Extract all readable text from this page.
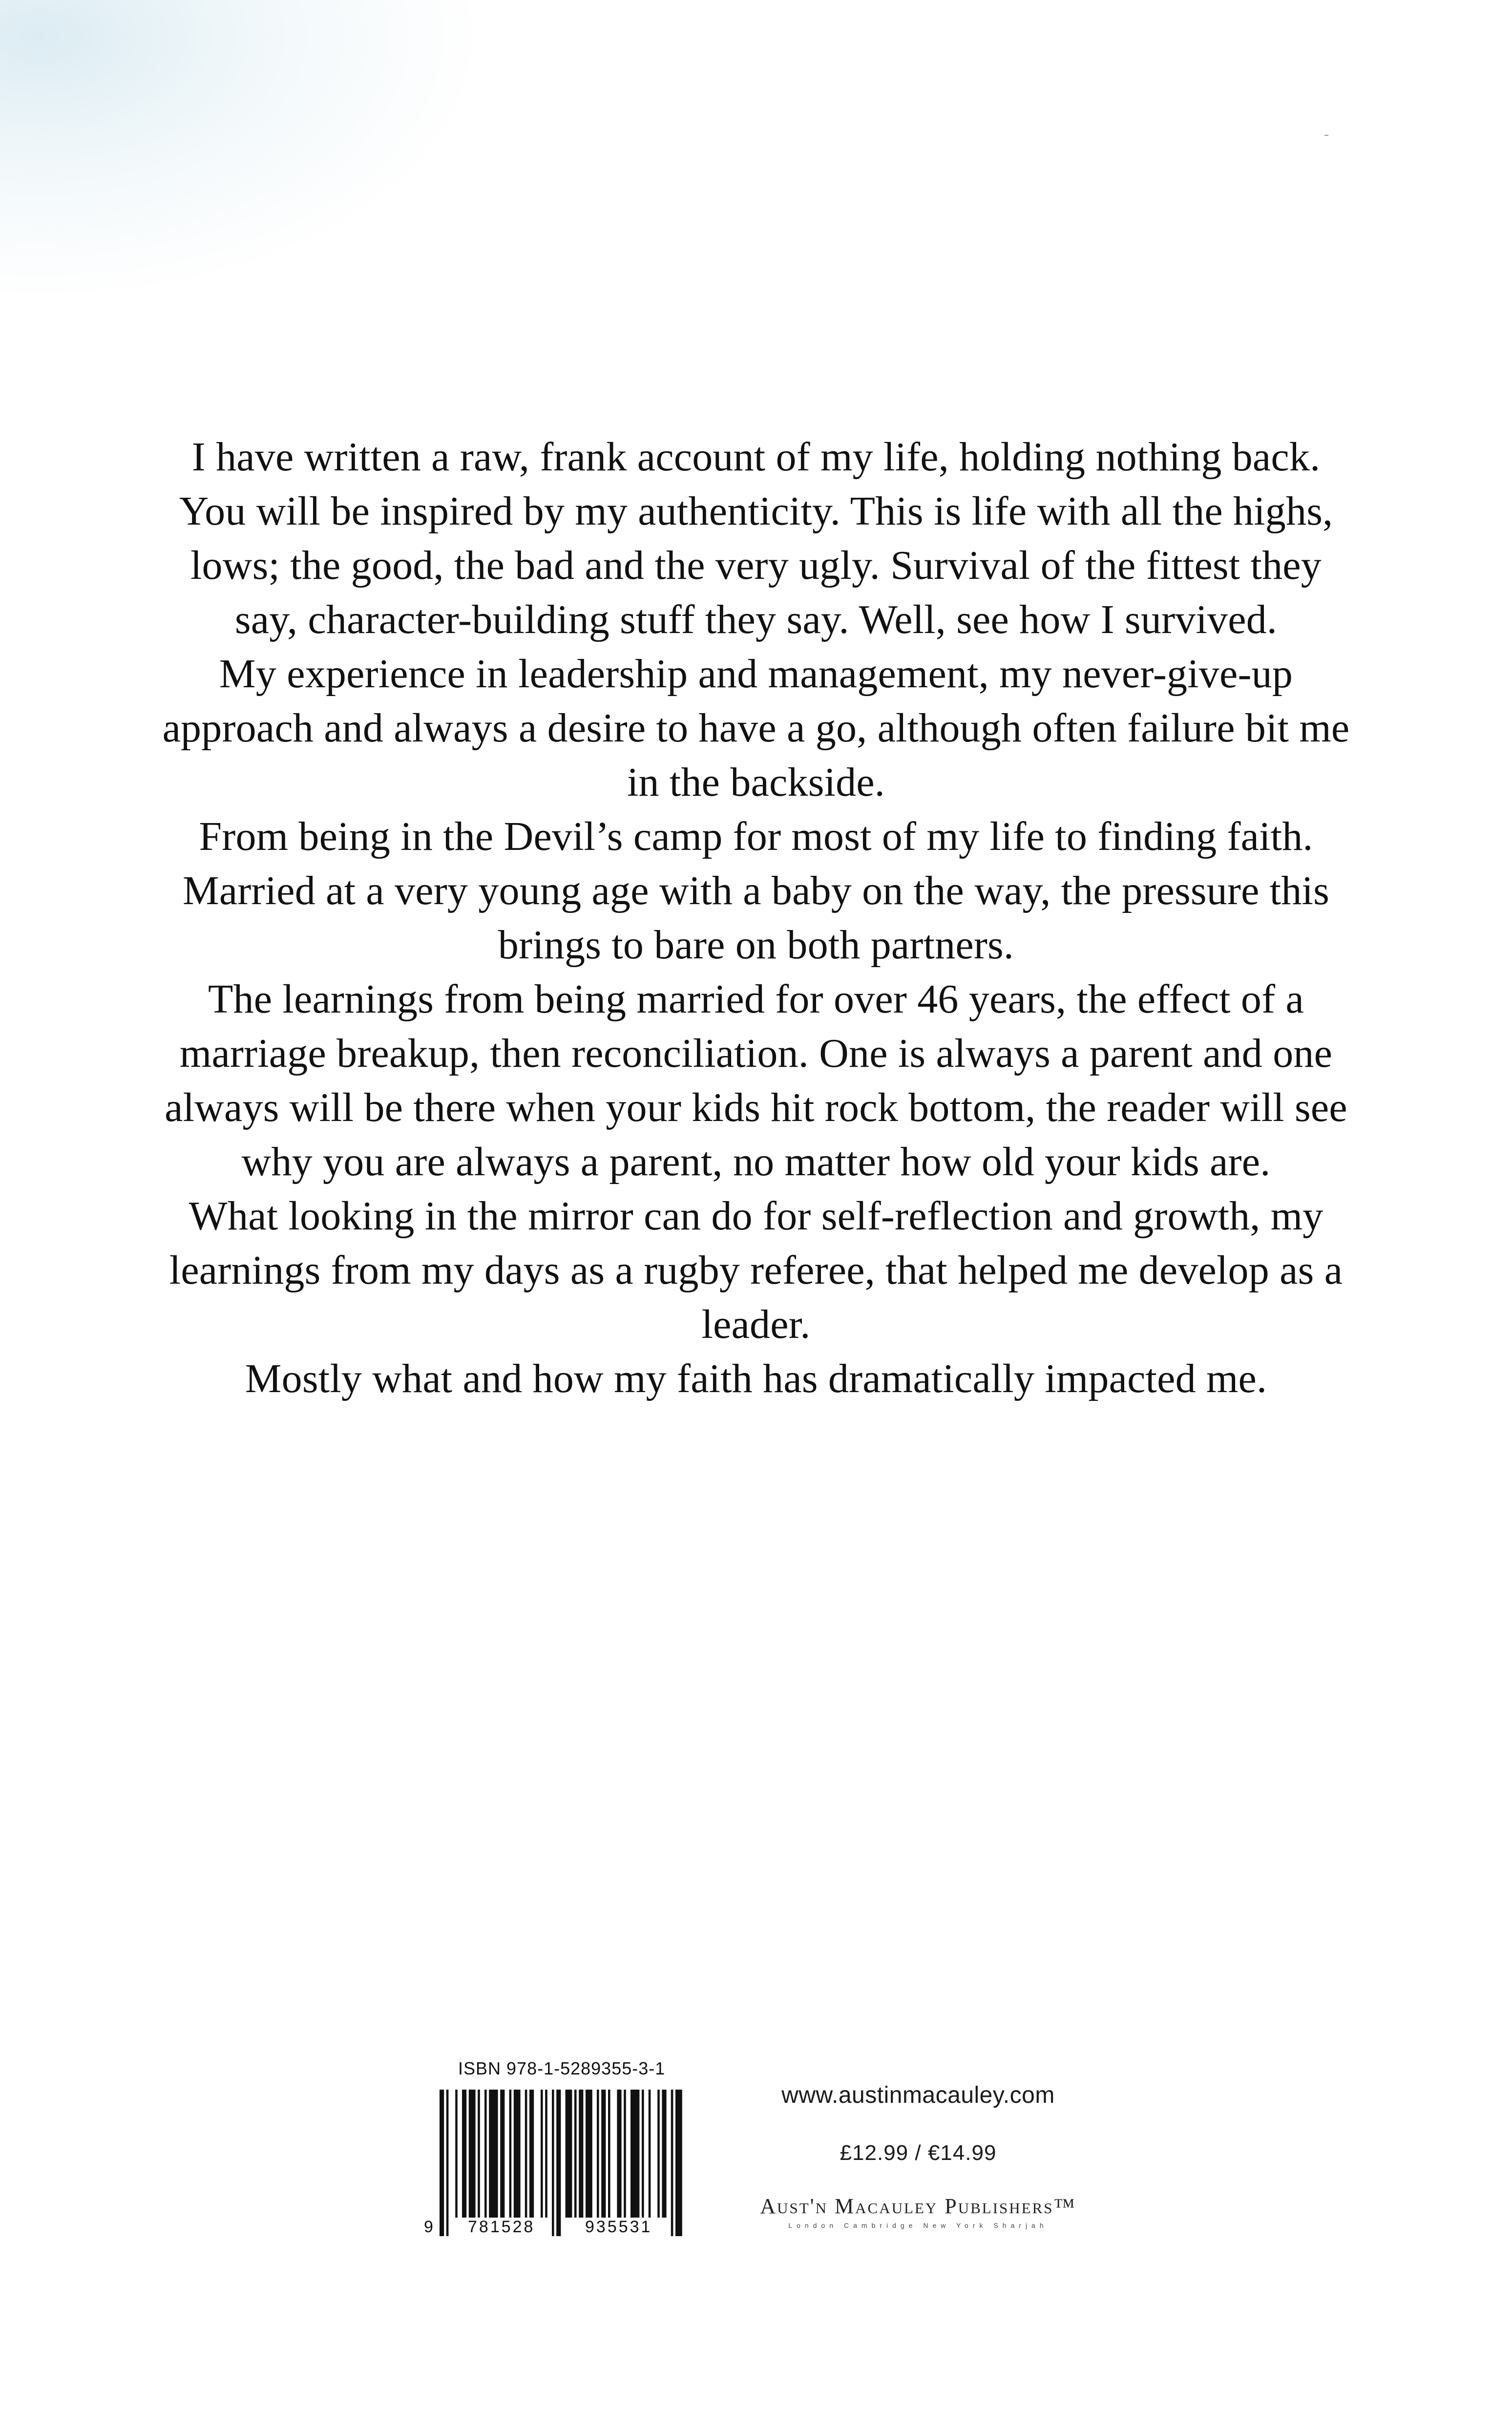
I have written a raw, frank account of my life, holding nothing back. You will be inspired by my authenticity. This is life with all the highs, lows; the good, the bad and the very ugly. Survival of the fittest they say, character-building stuff they say. Well, see how I survived.

My experience in leadership and management, my never-give-up approach and always a desire to have a go, although often failure bit me in the backside.

From being in the Devil’s camp for most of my life to finding faith. Married at a very young age with a baby on the way, the pressure this brings to bare on both partners.

The learnings from being married for over 46 years, the effect of a marriage breakup, then reconciliation. One is always a parent and one always will be there when your kids hit rock bottom, the reader will see why you are always a parent, no matter how old your kids are.

What looking in the mirror can do for self-reflection and growth, my learnings from my days as a rugby referee, that helped me develop as a leader.

Mostly what and how my faith has dramatically impacted me.

ISBN 978-1-5289355-3-1
9 781528	935531
www.austinmacauley.com
£12.99 / €14.99
Aust'n Macauley Publishers™
London Cambridge New York Sharjah
